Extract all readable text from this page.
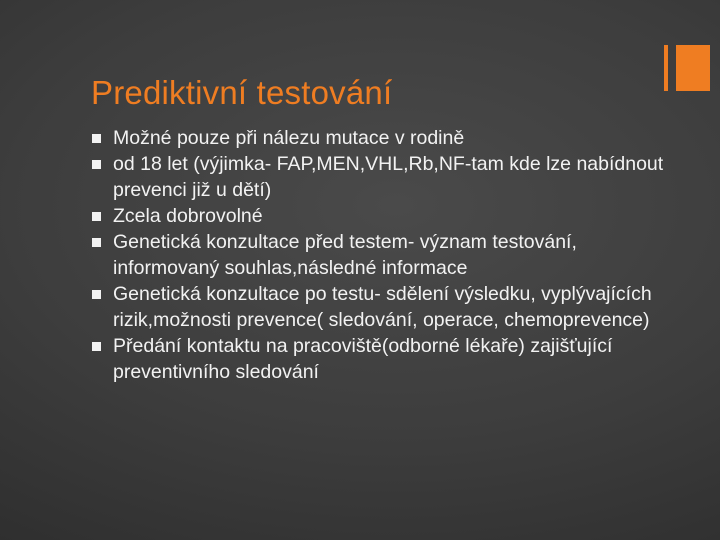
Prediktivní testování
Možné pouze při nálezu mutace v rodině
od 18 let (výjimka- FAP,MEN,VHL,Rb,NF-tam kde lze nabídnout prevenci již u dětí)
Zcela dobrovolné
Genetická konzultace před testem- význam testování, informovaný souhlas,následné informace
Genetická konzultace po testu- sdělení výsledku, vyplývajících rizik,možnosti prevence( sledování, operace, chemoprevence)
Předání kontaktu na pracoviště(odborné lékaře) zajišťující preventivního sledování
